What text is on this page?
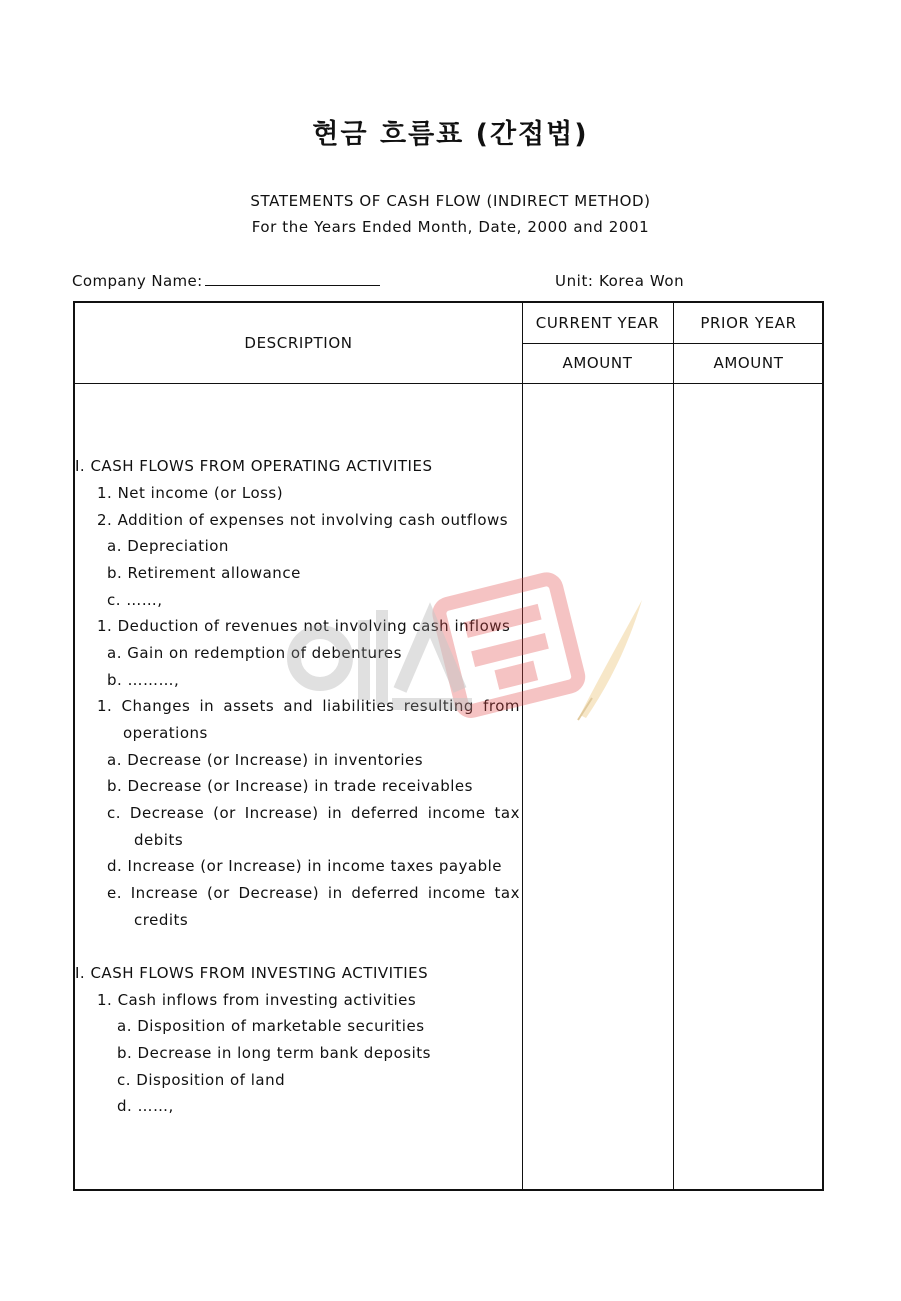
현금 흐름표 (간접법)
STATEMENTS OF CASH FLOW (INDIRECT METHOD)
For the Years Ended Month, Date, 2000 and 2001
Company Name:	Unit: Korea Won
DESCRIPTION
CURRENT YEAR	PRIOR YEAR
AMOUNT	AMOUNT
I. CASH FLOWS FROM OPERATING ACTIVITIES
1. Net income (or Loss)
2. Addition of expenses not involving cash outflows
a. Depreciation
b. Retirement allowance
c. ……,
1. Deduction of revenues not involving cash inflows
a. Gain on redemption of debentures
b. ………,
1. Changes in assets and liabilities resulting from
operations
a. Decrease (or Increase) in inventories
b. Decrease (or Increase) in trade receivables
c. Decrease (or Increase) in deferred income tax
debits
d. Increase (or Increase) in income taxes payable
e. Increase (or Decrease) in deferred income tax
credits
I. CASH FLOWS FROM INVESTING ACTIVITIES
1. Cash inflows from investing activities
a. Disposition of marketable securities
b. Decrease in long term bank deposits
c. Disposition of land
d. ……,
